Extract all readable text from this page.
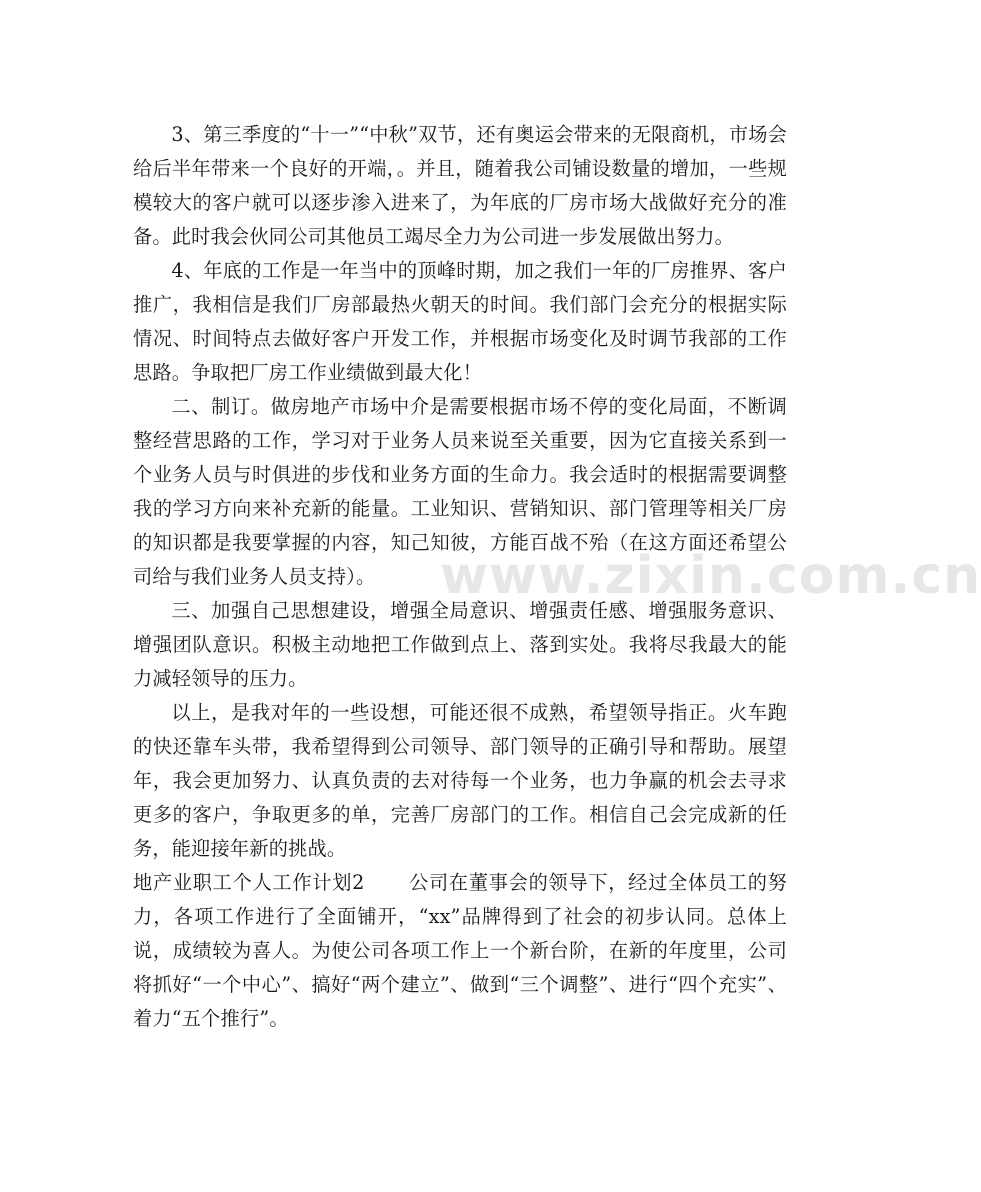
3、第三季度的“十一”“中秋”双节，还有奥运会带来的无限商机，市场会给后半年带来一个良好的开端，。并且，随着我公司铺设数量的增加，一些规模较大的客户就可以逐步渗入进来了，为年底的厂房市场大战做好充分的准备。此时我会伙同公司其他员工竭尽全力为公司进一步发展做出努力。

4、年底的工作是一年当中的顶峰时期，加之我们一年的厂房推界、客户推广，我相信是我们厂房部最热火朝天的时间。我们部门会充分的根据实际情况、时间特点去做好客户开发工作，并根据市场变化及时调节我部的工作思路。争取把厂房工作业绩做到最大化！

二、制订。做房地产市场中介是需要根据市场不停的变化局面，不断调整经营思路的工作，学习对于业务人员来说至关重要，因为它直接关系到一个业务人员与时俱进的步伐和业务方面的生命力。我会适时的根据需要调整我的学习方向来补充新的能量。工业知识、营销知识、部门管理等相关厂房的知识都是我要掌握的内容，知己知彼，方能百战不殆（在这方面还希望公司给与我们业务人员支持）。

三、加强自己思想建设，增强全局意识、增强责任感、增强服务意识、增强团队意识。积极主动地把工作做到点上、落到实处。我将尽我最大的能力减轻领导的压力。

以上，是我对年的一些设想，可能还很不成熟，希望领导指正。火车跑的快还靠车头带，我希望得到公司领导、部门领导的正确引导和帮助。展望年，我会更加努力、认真负责的去对待每一个业务，也力争赢的机会去寻求更多的客户，争取更多的单，完善厂房部门的工作。相信自己会完成新的任务，能迎接年新的挑战。

地产业职工个人工作计划2 公司在董事会的领导下，经过全体员工的努力，各项工作进行了全面铺开，“xx”品牌得到了社会的初步认同。总体上说，成绩较为喜人。为使公司各项工作上一个新台阶，在新的年度里，公司将抓好“一个中心”、搞好“两个建立”、做到“三个调整”、进行“四个充实”、着力“五个推行”。

www.zixin.com.cn
